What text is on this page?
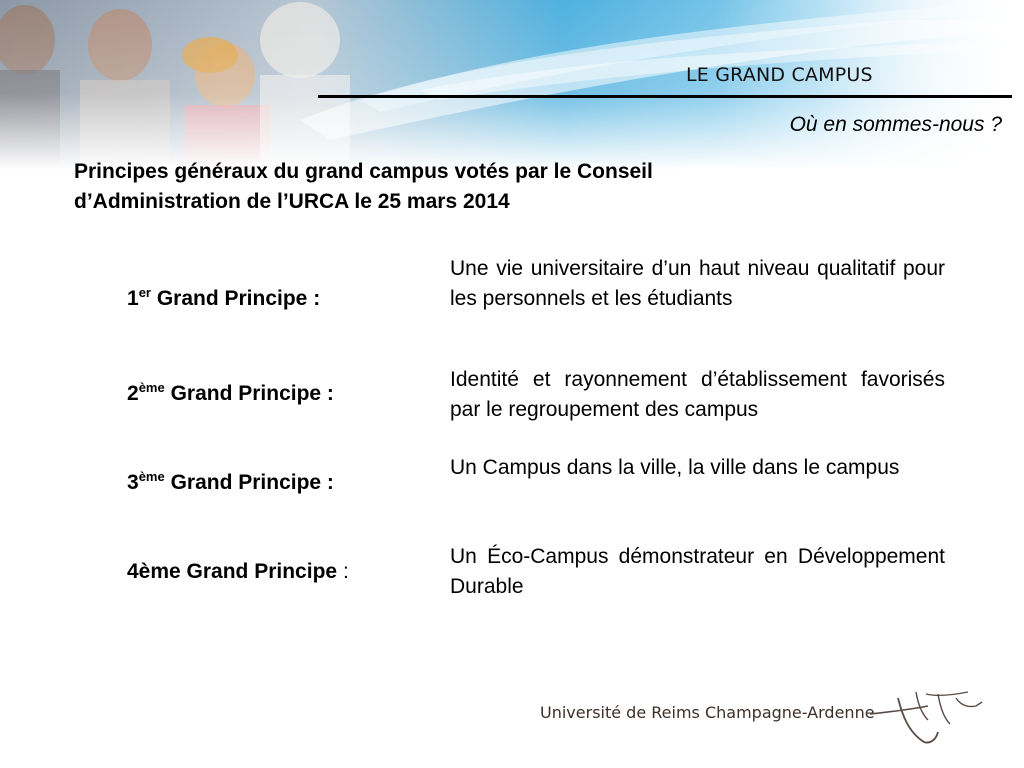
LE GRAND CAMPUS
Où en sommes-nous ?
Principes généraux du grand campus votés par le Conseil
d’Administration de l’URCA le 25 mars 2014
1er Grand Principe :

Une vie universitaire d’un haut niveau qualitatif pour les personnels et les étudiants

2ème Grand Principe :

Identité et rayonnement d’établissement favorisés par le regroupement des campus

3ème Grand Principe :

Un Campus dans la ville, la ville dans le campus

4ème Grand Principe :

Un Éco-Campus démonstrateur en Développement Durable

Université de Reims Champagne-Ardenne
